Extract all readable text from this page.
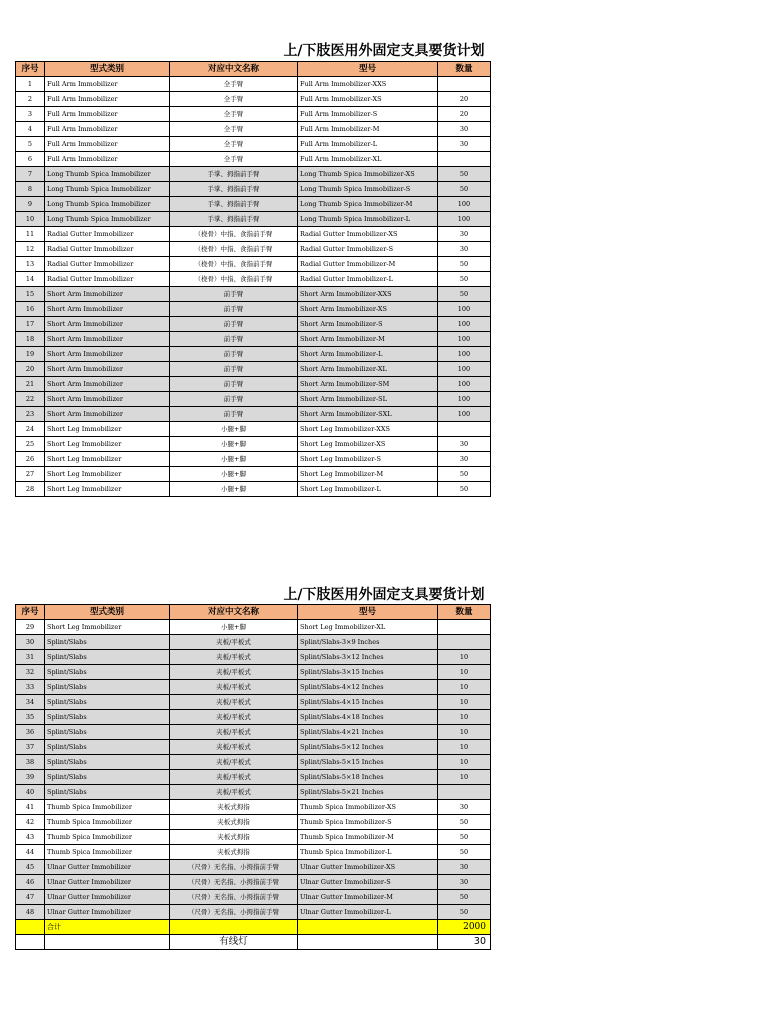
上/下肢医用外固定支具要货计划
序号	型式类别	对应中文名称	型号	数量
1	Full Arm Immobilizer	全手臂	Full Arm Immobilizer-XXS	
2	Full Arm Immobilizer	全手臂	Full Arm Immobilizer-XS	20
3	Full Arm Immobilizer	全手臂	Full Arm Immobilizer-S	20
4	Full Arm Immobilizer	全手臂	Full Arm Immobilizer-M	30
5	Full Arm Immobilizer	全手臂	Full Arm Immobilizer-L	30
6	Full Arm Immobilizer	全手臂	Full Arm Immobilizer-XL	
7	Long Thumb Spica Immobilizer	手掌、拇指前手臂	Long Thumb Spica Immobilizer-XS	50
8	Long Thumb Spica Immobilizer	手掌、拇指前手臂	Long Thumb Spica Immobilizer-S	50
9	Long Thumb Spica Immobilizer	手掌、拇指前手臂	Long Thumb Spica Immobilizer-M	100
10	Long Thumb Spica Immobilizer	手掌、拇指前手臂	Long Thumb Spica Immobilizer-L	100
11	Radial Gutter Immobilizer	（桡骨）中指、食指前手臂	Radial Gutter Immobilizer-XS	30
12	Radial Gutter Immobilizer	（桡骨）中指、食指前手臂	Radial Gutter Immobilizer-S	30
13	Radial Gutter Immobilizer	（桡骨）中指、食指前手臂	Radial Gutter Immobilizer-M	50
14	Radial Gutter Immobilizer	（桡骨）中指、食指前手臂	Radial Gutter Immobilizer-L	50
15	Short Arm Immobilizer	前手臂	Short Arm Immobilizer-XXS	50
16	Short Arm Immobilizer	前手臂	Short Arm Immobilizer-XS	100
17	Short Arm Immobilizer	前手臂	Short Arm Immobilizer-S	100
18	Short Arm Immobilizer	前手臂	Short Arm Immobilizer-M	100
19	Short Arm Immobilizer	前手臂	Short Arm Immobilizer-L	100
20	Short Arm Immobilizer	前手臂	Short Arm Immobilizer-XL	100
21	Short Arm Immobilizer	前手臂	Short Arm Immobilizer-SM	100
22	Short Arm Immobilizer	前手臂	Short Arm Immobilizer-SL	100
23	Short Arm Immobilizer	前手臂	Short Arm Immobilizer-SXL	100
24	Short Leg Immobilizer	小腿+脚	Short Leg Immobilizer-XXS	
25	Short Leg Immobilizer	小腿+脚	Short Leg Immobilizer-XS	30
26	Short Leg Immobilizer	小腿+脚	Short Leg Immobilizer-S	30
27	Short Leg Immobilizer	小腿+脚	Short Leg Immobilizer-M	50
28	Short Leg Immobilizer	小腿+脚	Short Leg Immobilizer-L	50
上/下肢医用外固定支具要货计划
序号	型式类别	对应中文名称	型号	数量
29	Short Leg Immobilizer	小腿+脚	Short Leg Immobilizer-XL	
30	Splint/Slabs	夹板/平板式	Splint/Slabs-3×9 Inches	
31	Splint/Slabs	夹板/平板式	Splint/Slabs-3×12 Inches	10
32	Splint/Slabs	夹板/平板式	Splint/Slabs-3×15 Inches	10
33	Splint/Slabs	夹板/平板式	Splint/Slabs-4×12 Inches	10
34	Splint/Slabs	夹板/平板式	Splint/Slabs-4×15 Inches	10
35	Splint/Slabs	夹板/平板式	Splint/Slabs-4×18 Inches	10
36	Splint/Slabs	夹板/平板式	Splint/Slabs-4×21 Inches	10
37	Splint/Slabs	夹板/平板式	Splint/Slabs-5×12 Inches	10
38	Splint/Slabs	夹板/平板式	Splint/Slabs-5×15 Inches	10
39	Splint/Slabs	夹板/平板式	Splint/Slabs-5×18 Inches	10
40	Splint/Slabs	夹板/平板式	Splint/Slabs-5×21 Inches	
41	Thumb Spica Immobilizer	夹板式拇指	Thumb Spica Immobilizer-XS	30
42	Thumb Spica Immobilizer	夹板式拇指	Thumb Spica Immobilizer-S	50
43	Thumb Spica Immobilizer	夹板式拇指	Thumb Spica Immobilizer-M	50
44	Thumb Spica Immobilizer	夹板式拇指	Thumb Spica Immobilizer-L	50
45	Ulnar Gutter Immobilizer	（尺骨）无名指、小拇指前手臂	Ulnar Gutter Immobilizer-XS	30
46	Ulnar Gutter Immobilizer	（尺骨）无名指、小拇指前手臂	Ulnar Gutter Immobilizer-S	30
47	Ulnar Gutter Immobilizer	（尺骨）无名指、小拇指前手臂	Ulnar Gutter Immobilizer-M	50
48	Ulnar Gutter Immobilizer	（尺骨）无名指、小拇指前手臂	Ulnar Gutter Immobilizer-L	50
	合计			2000
		有线灯		30
